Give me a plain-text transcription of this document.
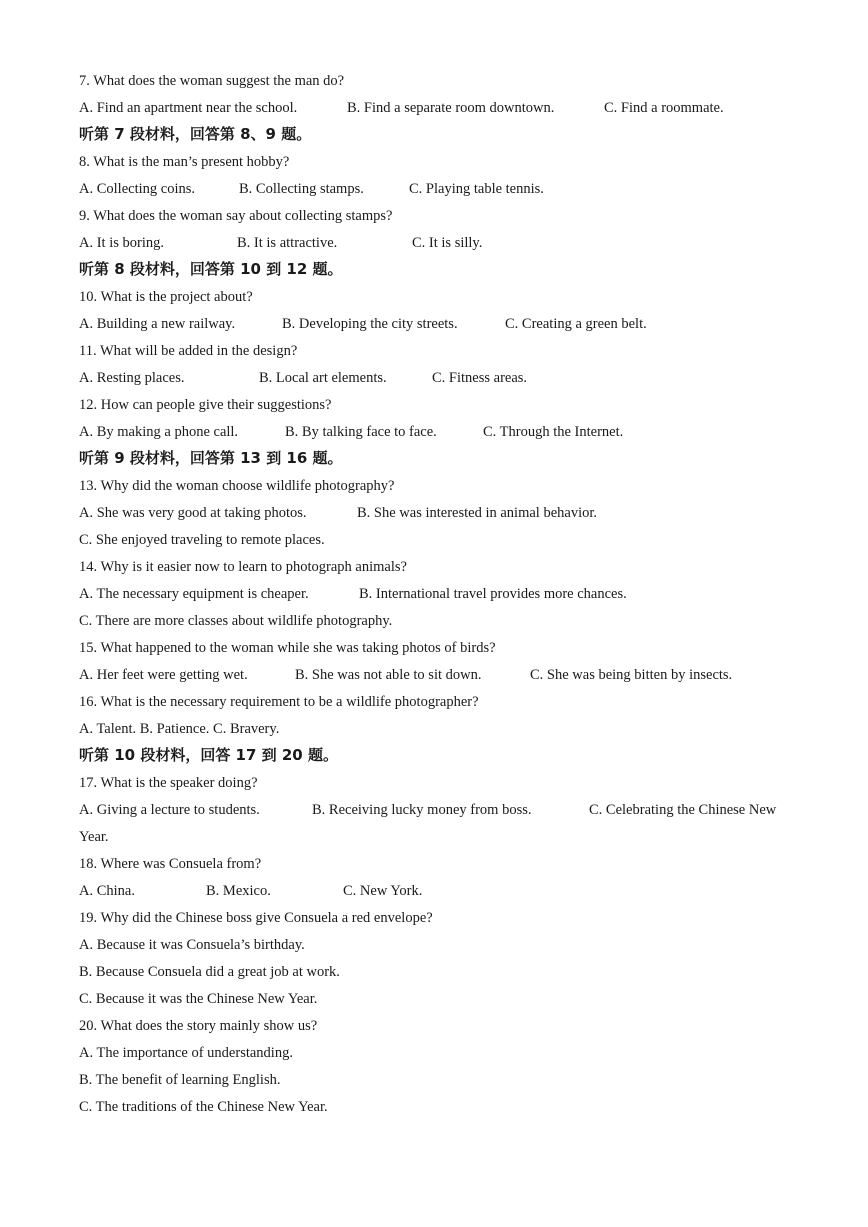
7. What does the woman suggest the man do?
A. Find an apartment near the school.	B. Find a separate room downtown.	C. Find a roommate.
听第 7 段材料，回答第 8、9 题。
8. What is the man’s present hobby?
A. Collecting coins.	B. Collecting stamps.	C. Playing table tennis.
9. What does the woman say about collecting stamps?
A. It is boring.	B. It is attractive.	C. It is silly.
听第 8 段材料，回答第 10 到 12 题。
10. What is the project about?
A. Building a new railway.	B. Developing the city streets.	C. Creating a green belt.
11. What will be added in the design?
A. Resting places.	B. Local art elements.	C. Fitness areas.
12. How can people give their suggestions?
A. By making a phone call.	B. By talking face to face.	C. Through the Internet.
听第 9 段材料，回答第 13 到 16 题。
13. Why did the woman choose wildlife photography?
A. She was very good at taking photos.	B. She was interested in animal behavior.
C. She enjoyed traveling to remote places.
14. Why is it easier now to learn to photograph animals?
A. The necessary equipment is cheaper.	B. International travel provides more chances.
C. There are more classes about wildlife photography.
15. What happened to the woman while she was taking photos of birds?
A. Her feet were getting wet.	B. She was not able to sit down.	C. She was being bitten by insects.
16. What is the necessary requirement to be a wildlife photographer?
A. Talent. B. Patience. C. Bravery.
听第 10 段材料，回答 17 到 20 题。
17. What is the speaker doing?
A. Giving a lecture to students.	B. Receiving lucky money from boss.	C. Celebrating the Chinese New
Year.
18. Where was Consuela from?
A. China.	B. Mexico.	C. New York.
19. Why did the Chinese boss give Consuela a red envelope?
A. Because it was Consuela’s birthday.
B. Because Consuela did a great job at work.
C. Because it was the Chinese New Year.
20. What does the story mainly show us?
A. The importance of understanding.
B. The benefit of learning English.
C. The traditions of the Chinese New Year.
